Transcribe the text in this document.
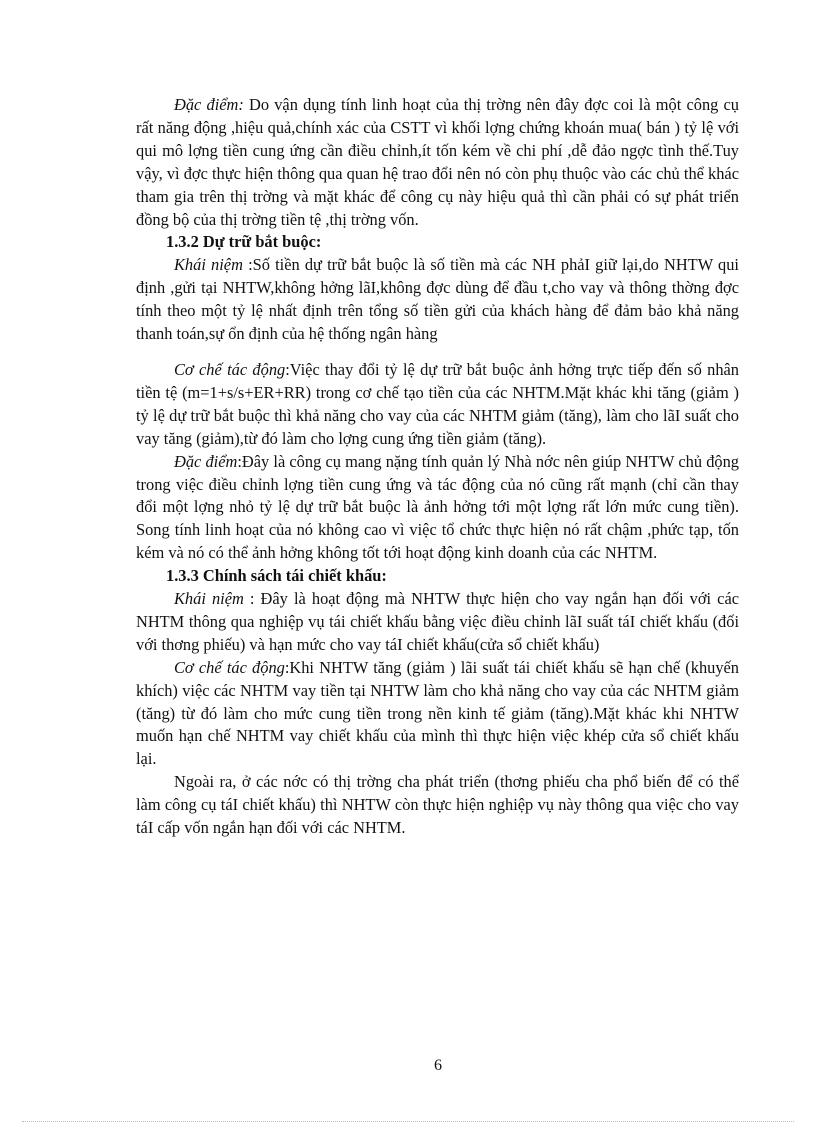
Đặc điểm: Do vận dụng tính linh hoạt của thị trờng nên đây đợc coi là một công cụ rất năng động ,hiệu quả,chính xác của CSTT vì khối lợng chứng khoán mua( bán ) tỷ lệ với qui mô lợng tiền cung ứng cần điều chỉnh,ít tốn kém về chi phí ,dễ đảo ngợc tình thế.Tuy vậy, vì đợc thực hiện thông qua quan hệ trao đổi nên nó còn phụ thuộc vào các chủ thể khác tham gia trên thị trờng và mặt khác để công cụ này hiệu quả thì cần phải có sự phát triển đồng bộ của thị trờng tiền tệ ,thị trờng vốn.

1.3.2 Dự trữ bắt buộc:

Khái niệm :Số tiền dự trữ bắt buộc là số tiền mà các NH phảI giữ lại,do NHTW qui định ,gửi tại NHTW,không hởng lãI,không đợc dùng để đầu t,cho vay và thông thờng đợc tính theo một tỷ lệ nhất định trên tổng số tiền gửi của khách hàng để đảm bảo khả năng thanh toán,sự ổn định của hệ thống ngân hàng

Cơ chế tác động:Việc thay đổi tỷ lệ dự trữ bắt buộc ảnh hởng trực tiếp đến số nhân tiền tệ (m=1+s/s+ER+RR) trong cơ chế tạo tiền của các NHTM.Mặt khác khi tăng (giảm ) tỷ lệ dự trữ bắt buộc thì khả năng cho vay của các NHTM giảm (tăng), làm cho lãI suất cho vay tăng (giảm),từ đó làm cho lợng cung ứng tiền giảm (tăng).

Đặc điểm:Đây là công cụ mang nặng tính quản lý Nhà nớc nên giúp NHTW chủ động trong việc điều chỉnh lợng tiền cung ứng và tác động của nó cũng rất mạnh (chỉ cần thay đổi một lợng nhỏ tỷ lệ dự trữ bắt buộc là ảnh hởng tới một lợng rất lớn mức cung tiền). Song tính linh hoạt của nó không cao vì việc tổ chức thực hiện nó rất chậm ,phức tạp, tốn kém và nó có thể ảnh hởng không tốt tới hoạt động kinh doanh của các NHTM.

1.3.3 Chính sách tái chiết khấu:

Khái niệm : Đây là hoạt động mà NHTW thực hiện cho vay ngắn hạn đối với các NHTM thông qua nghiệp vụ tái chiết khấu bằng việc điều chỉnh lãI suất táI chiết khấu (đối với thơng phiếu) và hạn mức cho vay táI chiết khấu(cửa sổ chiết khấu)

Cơ chế tác động:Khi NHTW tăng (giảm ) lãi suất tái chiết khấu sẽ hạn chế (khuyến khích) việc các NHTM vay tiền tại NHTW làm cho khả năng cho vay của các NHTM giảm (tăng) từ đó làm cho mức cung tiền trong nền kinh tế giảm (tăng).Mặt khác khi NHTW muốn hạn chế NHTM vay chiết khấu của mình thì thực hiện việc khép cửa sổ chiết khấu lại.

Ngoài ra, ở các nớc có thị trờng cha phát triển (thơng phiếu cha phổ biến để có thể làm công cụ táI chiết khấu) thì NHTW còn thực hiện nghiệp vụ này thông qua việc cho vay táI cấp vốn ngắn hạn đối với các NHTM.

6
